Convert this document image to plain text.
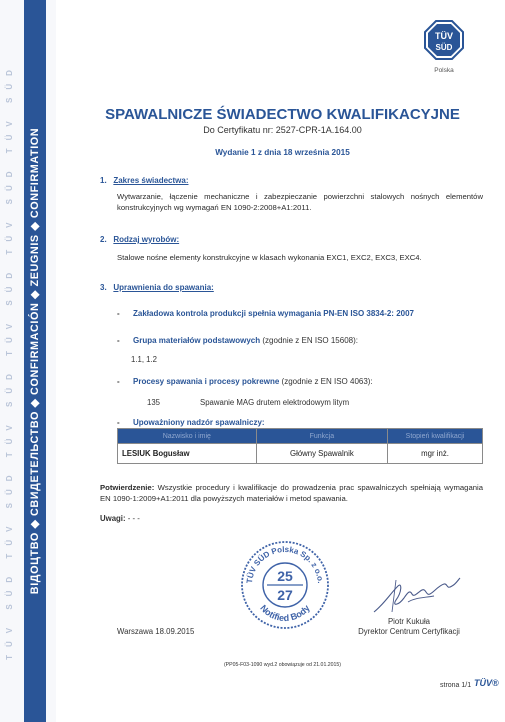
TÜV SÜD TÜV SÜD TÜV SÜD TÜV SÜD TÜV SÜD TÜV SÜD	ВІДОЦТВО ◆ СВИДЕТЕЛЬСТВО ◆ CONFIRMACIÓN ◆ ZEUGNIS ◆ CONFIRMATION
TÜV
SÜD
Polska
SPAWALNICZE ŚWIADECTWO KWALIFIKACYJNE
Do Certyfikatu nr: 2527-CPR-1A.164.00
Wydanie 1 z dnia 18 września 2015
1. Zakres świadectwa:
Wytwarzanie, łączenie mechaniczne i zabezpieczanie powierzchni stalowych nośnych elementów konstrukcyjnych wg wymagań EN 1090-2:2008+A1:2011.
2. Rodzaj wyrobów:
Stalowe nośne elementy konstrukcyjne w klasach wykonania EXC1, EXC2, EXC3, EXC4.
3. Uprawnienia do spawania:
- Zakładowa kontrola produkcji spełnia wymagania PN-EN ISO 3834-2: 2007
- Grupa materiałów podstawowych (zgodnie z EN ISO 15608):
1.1, 1.2
- Procesy spawania i procesy pokrewne (zgodnie z EN ISO 4063):
135	Spawanie MAG drutem elektrodowym litym
- Upoważniony nadzór spawalniczy:
Nazwisko i imię	Funkcja	Stopień kwalifikacji
LESIUK Bogusław	Główny Spawalnik	mgr inż.
Potwierdzenie: Wszystkie procedury i kwalifikacje do prowadzenia prac spawalniczych spełniają wymagania EN 1090-1:2009+A1:2011 dla powyższych materiałów i metod spawania.
Uwagi: - - -
TÜV SÜD Polska Sp. z o.o.
25
27
Notified Body
Warszawa 18.09.2015
Piotr Kukuła
Dyrektor Centrum Certyfikacji
(PP05-F03-1090 wyd.2 obowiązuje od 21.01.2015)
strona 1/1 TÜV®
